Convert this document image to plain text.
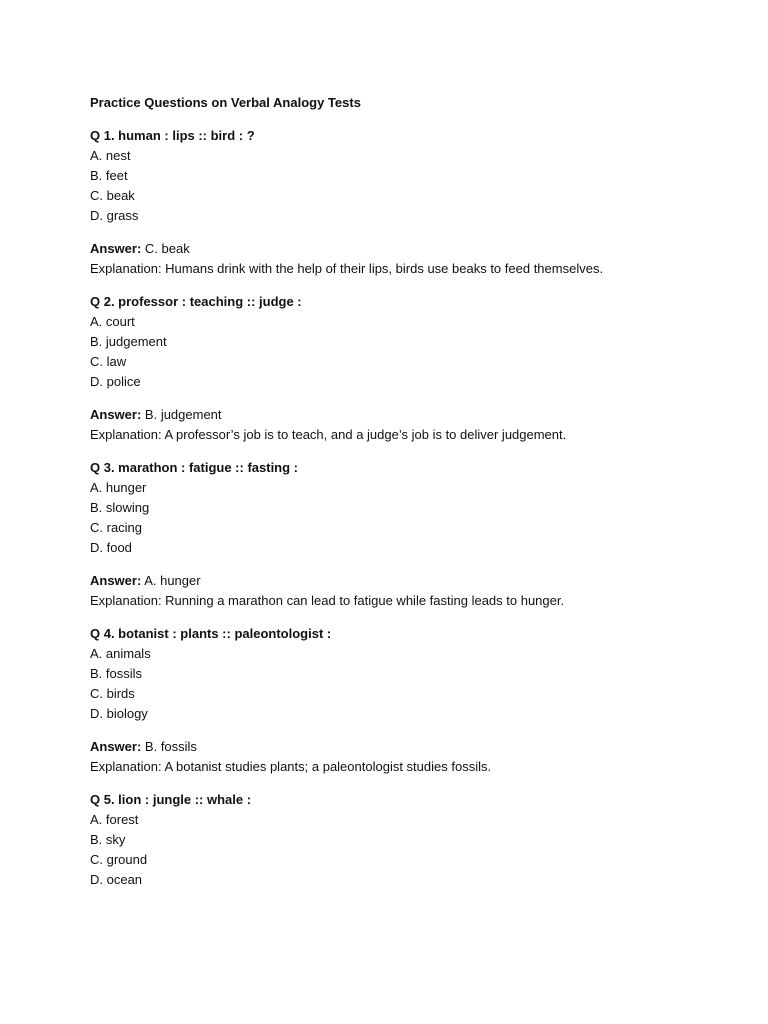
Practice Questions on Verbal Analogy Tests
Q 1. human : lips :: bird : ?
A. nest
B. feet
C. beak
D. grass
Answer: C. beak
Explanation: Humans drink with the help of their lips, birds use beaks to feed themselves.
Q 2. professor : teaching :: judge :
A. court
B. judgement
C. law
D. police
Answer: B. judgement
Explanation: A professor’s job is to teach, and a judge’s job is to deliver judgement.
Q 3. marathon : fatigue :: fasting :
A. hunger
B. slowing
C. racing
D. food
Answer: A. hunger
Explanation: Running a marathon can lead to fatigue while fasting leads to hunger.
Q 4. botanist : plants :: paleontologist :
A. animals
B. fossils
C. birds
D. biology
Answer: B. fossils
Explanation: A botanist studies plants; a paleontologist studies fossils.
Q 5. lion : jungle :: whale :
A. forest
B. sky
C. ground
D. ocean
